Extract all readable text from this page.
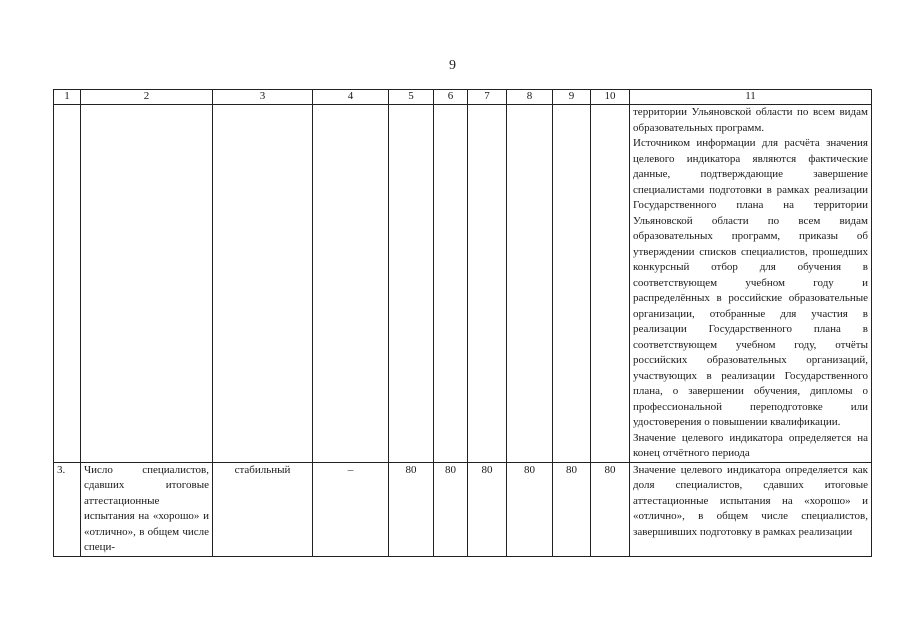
9
1	2	3	4	5	6	7	8	9	10	11

										территории Ульяновской области по всем видам образовательных программ.

Источником информации для расчёта значения целевого индикатора являются фактические данные, подтверждающие завершение специалистами подготовки в рамках реализации Государственного плана на территории Ульяновской области по всем видам образовательных программ, приказы об утверждении списков специалистов, прошедших конкурсный отбор для обучения в соответствующем учебном году и распределённых в российские образовательные организации, отобранные для участия в реализации Государственного плана в соответствующем учебном году, отчёты российских образовательных организаций, участвующих в реализации Государственного плана, о завершении обучения, дипломы о профессиональной переподготовке или удостоверения о повышении квалификации.

Значение целевого индикатора определяется на конец отчётного периода

3.	Число специалистов, сдавших итоговые аттестационные испытания на «хорошо» и «отлично», в общем числе специ-	стабильный	–	80	80	80	80	80	80	Значение целевого индикатора определяется как доля специалистов, сдавших итоговые аттестационные испытания на «хорошо» и «отлично», в общем числе специалистов, завершивших подготовку в рамках реализации
